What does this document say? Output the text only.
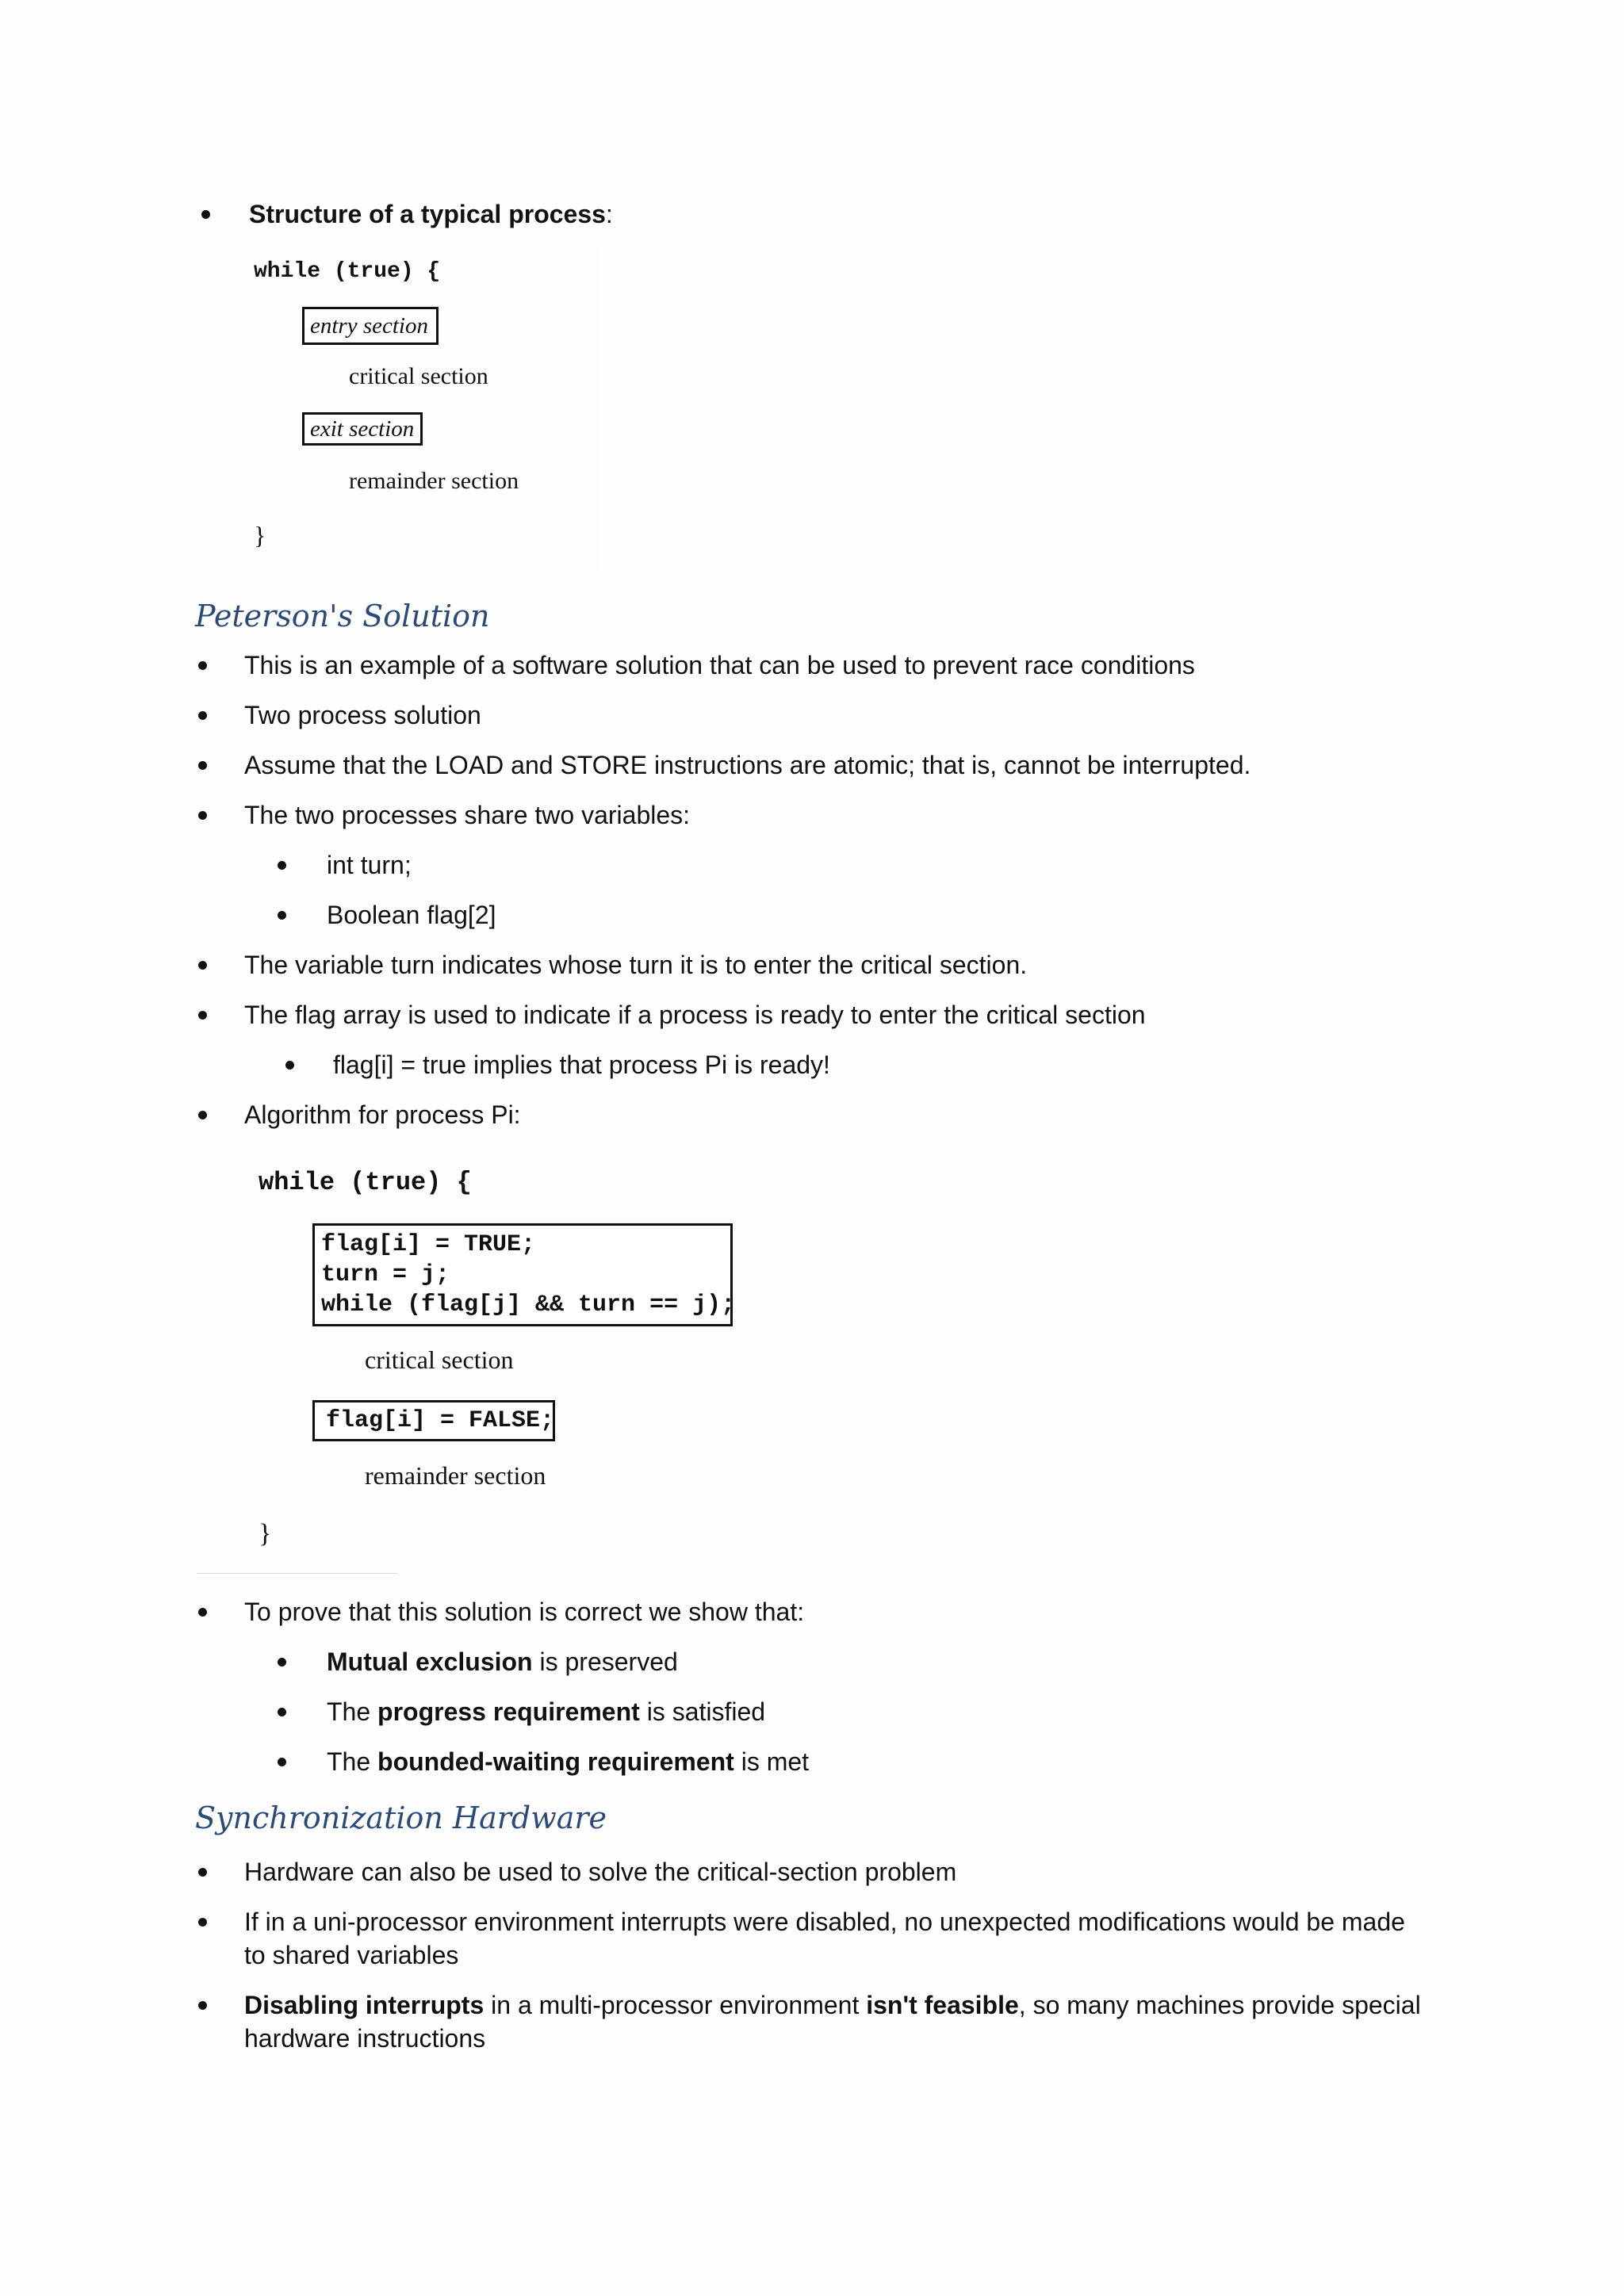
Structure of a typical process:
while (true) {
entry section
critical section
exit section
remainder section
}
Peterson's Solution
This is an example of a software solution that can be used to prevent race conditions
Two process solution
Assume that the LOAD and STORE instructions are atomic; that is, cannot be interrupted.
The two processes share two variables:
int turn;
Boolean flag[2]
The variable turn indicates whose turn it is to enter the critical section.
The flag array is used to indicate if a process is ready to enter the critical section
flag[i] = true implies that process Pi is ready!
Algorithm for process Pi:
while (true) {
flag[i] = TRUE;
turn = j;
while (flag[j] && turn == j);
critical section
flag[i] = FALSE;
remainder section
}
To prove that this solution is correct we show that:
Mutual exclusion is preserved
The progress requirement is satisfied
The bounded-waiting requirement is met
Synchronization Hardware
Hardware can also be used to solve the critical-section problem
If in a uni-processor environment interrupts were disabled, no unexpected modifications would be made
to shared variables
Disabling interrupts in a multi-processor environment isn't feasible, so many machines provide special
hardware instructions
